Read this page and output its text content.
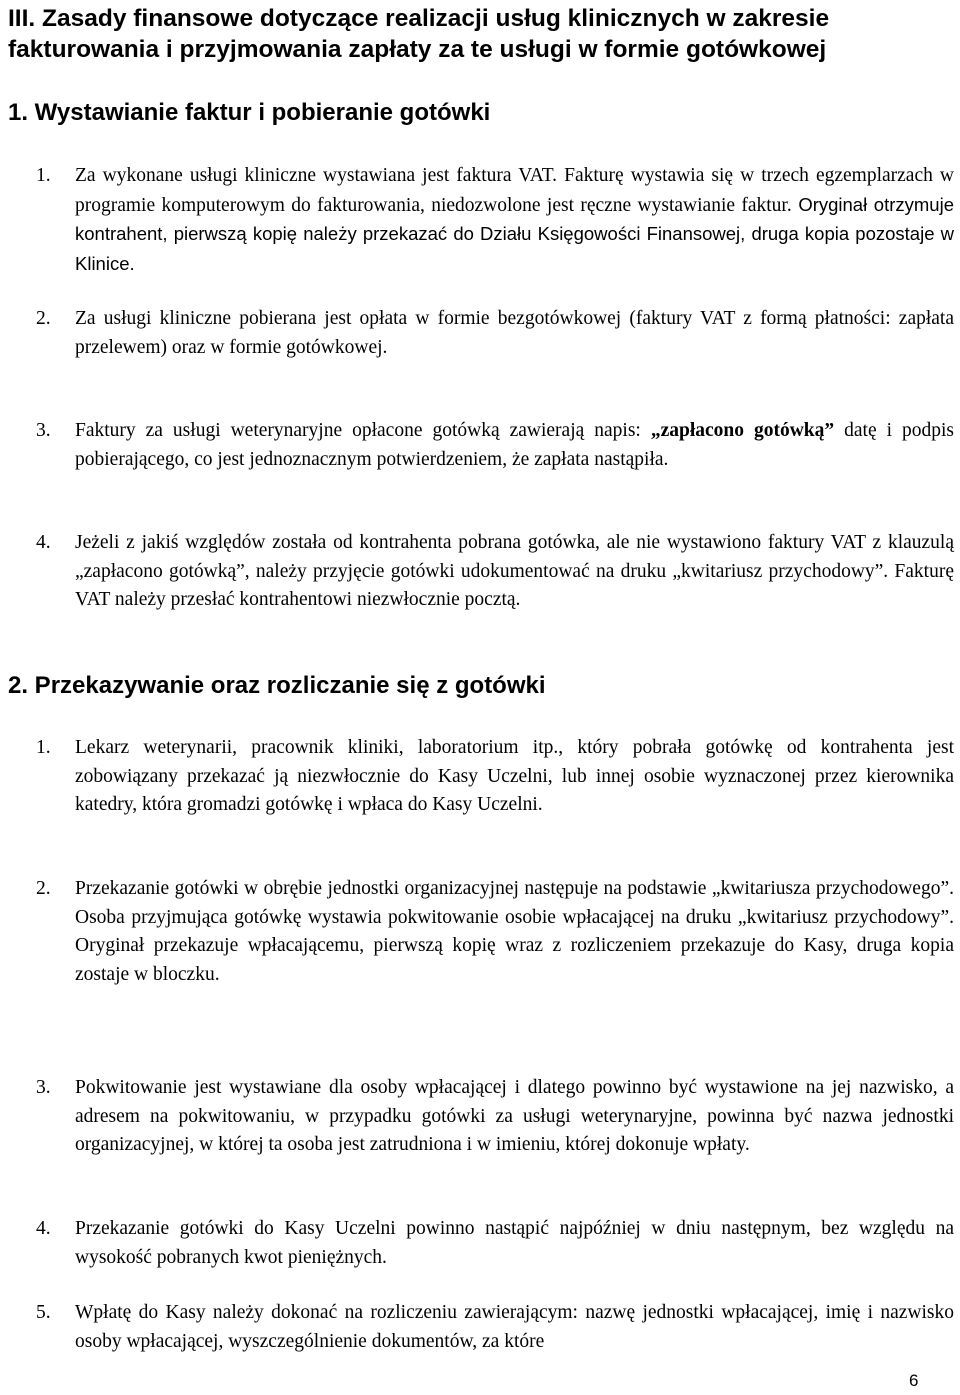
III. Zasady finansowe dotyczące realizacji usług klinicznych w zakresie fakturowania i przyjmowania zapłaty za te usługi w formie gotówkowej
1. Wystawianie faktur i pobieranie gotówki
1. Za wykonane usługi kliniczne wystawiana jest faktura VAT. Fakturę wystawia się w trzech egzemplarzach w programie komputerowym do fakturowania, niedozwolone jest ręczne wystawianie faktur. Oryginał otrzymuje kontrahent, pierwszą kopię należy przekazać do Działu Księgowości Finansowej, druga kopia pozostaje w Klinice.
2. Za usługi kliniczne pobierana jest opłata w formie bezgotówkowej (faktury VAT z formą płatności: zapłata przelewem) oraz w formie gotówkowej.
3. Faktury za usługi weterynaryjne opłacone gotówką zawierają napis: „zapłacono gotówką” datę i podpis pobierającego, co jest jednoznacznym potwierdzeniem, że zapłata nastąpiła.
4. Jeżeli z jakiś względów została od kontrahenta pobrana gotówka, ale nie wystawiono faktury VAT z klauzulą „zapłacono gotówką”, należy przyjęcie gotówki udokumentować na druku „kwitariusz przychodowy”. Fakturę VAT należy przesłać kontrahentowi niezwłocznie pocztą.
2. Przekazywanie oraz rozliczanie się z gotówki
1. Lekarz weterynarii, pracownik kliniki, laboratorium itp., który pobrała gotówkę od kontrahenta jest zobowiązany przekazać ją niezwłocznie do Kasy Uczelni, lub innej osobie wyznaczonej przez kierownika katedry, która gromadzi gotówkę i wpłaca do Kasy Uczelni.
2. Przekazanie gotówki w obrębie jednostki organizacyjnej następuje na podstawie „kwitariusza przychodowego”. Osoba przyjmująca gotówkę wystawia pokwitowanie osobie wpłacającej na druku „kwitariusz przychodowy”. Oryginał przekazuje wpłacającemu, pierwszą kopię wraz z rozliczeniem przekazuje do Kasy, druga kopia zostaje w bloczku.
3. Pokwitowanie jest wystawiane dla osoby wpłacającej i dlatego powinno być wystawione na jej nazwisko, a adresem na pokwitowaniu, w przypadku gotówki za usługi weterynaryjne, powinna być nazwa jednostki organizacyjnej, w której ta osoba jest zatrudniona i w imieniu, której dokonuje wpłaty.
4. Przekazanie gotówki do Kasy Uczelni powinno nastąpić najpóźniej w dniu następnym, bez względu na wysokość pobranych kwot pieniężnych.
5. Wpłatę do Kasy należy dokonać na rozliczeniu zawierającym: nazwę jednostki wpłacającej, imię i nazwisko osoby wpłacającej, wyszczególnienie dokumentów, za które
6
